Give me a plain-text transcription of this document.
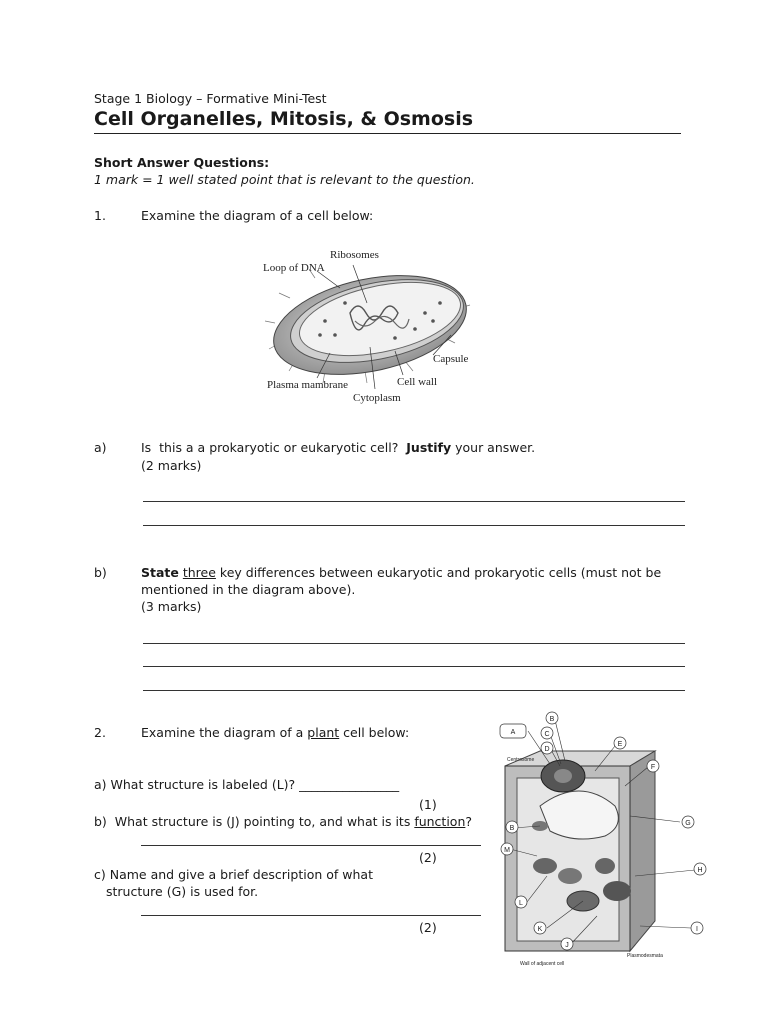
Stage 1 Biology – Formative Mini-Test
Cell Organelles, Mitosis, & Osmosis
Short Answer Questions:
1 mark = 1 well stated point that is relevant to the question.
1.	Examine the diagram of a cell below:
Ribosomes
Loop of DNA
Capsule
Cell wall
Plasma mambrane
Cytoplasm
a)	Is  this a a prokaryotic or eukaryotic cell?  Justify your answer.
(2 marks)
b)	State three key differences between eukaryotic and prokaryotic cells (must not be
mentioned in the diagram above).
(3 marks)
2.	Examine the diagram of a plant cell below:
a) What structure is labeled (L)? ________________
(1)
b)  What structure is (J) pointing to, and what is its function?
(2)
c) Name and give a brief description of what
structure (G) is used for.
(2)
A
B
C
D
E
F
G
H
I
J
K
L
M
B
Centrosome
Plasmodesmata
Wall of adjacent cell
